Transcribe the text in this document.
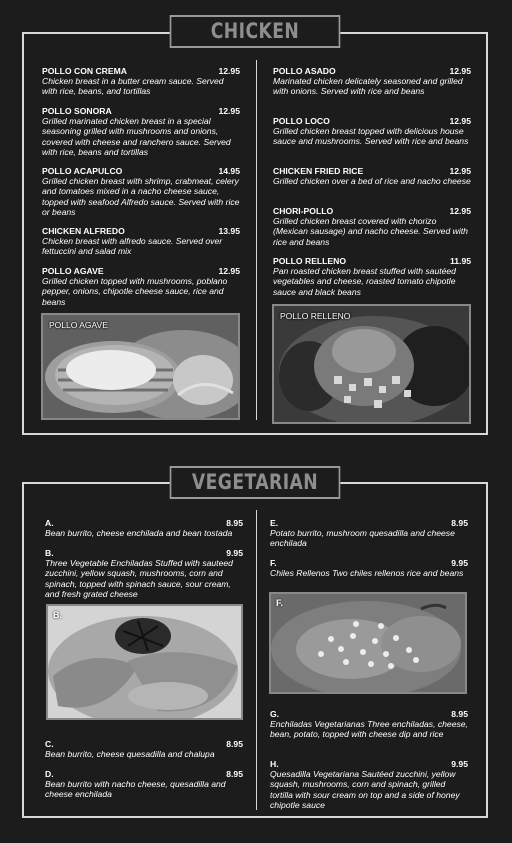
CHICKEN
POLLO CON CREMA	12.95
Chicken breast in a butter cream sauce. Served with rice, beans, and tortillas
POLLO SONORA	12.95
Grilled marinated chicken breast in a special seasoning grilled with mushrooms and onions, covered with cheese and ranchero sauce. Served with rice, beans and tortillas
POLLO ACAPULCO	14.95
Grilled chicken breast with shrimp, crabmeat, celery and tomatoes mixed in a nacho cheese sauce, topped with seafood Alfredo sauce. Served with rice or beans
CHICKEN ALFREDO	13.95
Chicken breast with alfredo sauce. Served over fettuccini and salad mix
POLLO AGAVE	12.95
Grilled chicken topped with mushrooms, poblano pepper, onions, chipotle cheese sauce, rice and beans
POLLO ASADO	12.95
Marinated chicken delicately seasoned and grilled with onions. Served with rice and beans
POLLO LOCO	12.95
Grilled chicken breast topped with delicious house sauce and mushrooms. Served with rice and beans
CHICKEN FRIED RICE	12.95
Grilled chicken over a bed of rice and nacho cheese
CHORI-POLLO	12.95
Grilled chicken breast covered with chorizo (Mexican sausage) and nacho cheese. Served with rice and beans
POLLO RELLENO	11.95
Pan roasted chicken breast stuffed with sautéed vegetables and cheese, roasted tomato chipotle sauce and black beans
POLLO AGAVE
POLLO RELLENO
VEGETARIAN
A.	8.95
Bean burrito, cheese enchilada and bean tostada
B.	9.95
Three Vegetable Enchiladas Stuffed with sauteed zucchini, yellow squash, mushrooms, corn and spinach, topped with spinach sauce, sour cream, and fresh grated cheese
C.	8.95
Bean burrito, cheese quesadilla and chalupa
D.	8.95
Bean burrito with nacho cheese, quesadilla and cheese enchilada
E.	8.95
Potato burrito, mushroom quesadilla and cheese enchilada
F.	9.95
Chiles Rellenos Two chiles rellenos rice and beans
G.	8.95
Enchiladas Vegetarianas Three enchiladas, cheese, bean, potato, topped with cheese dip and rice
H.	9.95
Quesadilla Vegetariana Sautéed zucchini, yellow squash, mushrooms, corn and spinach, grilled tortilla with sour cream on top and a side of honey chipotle sauce
B.
F.
